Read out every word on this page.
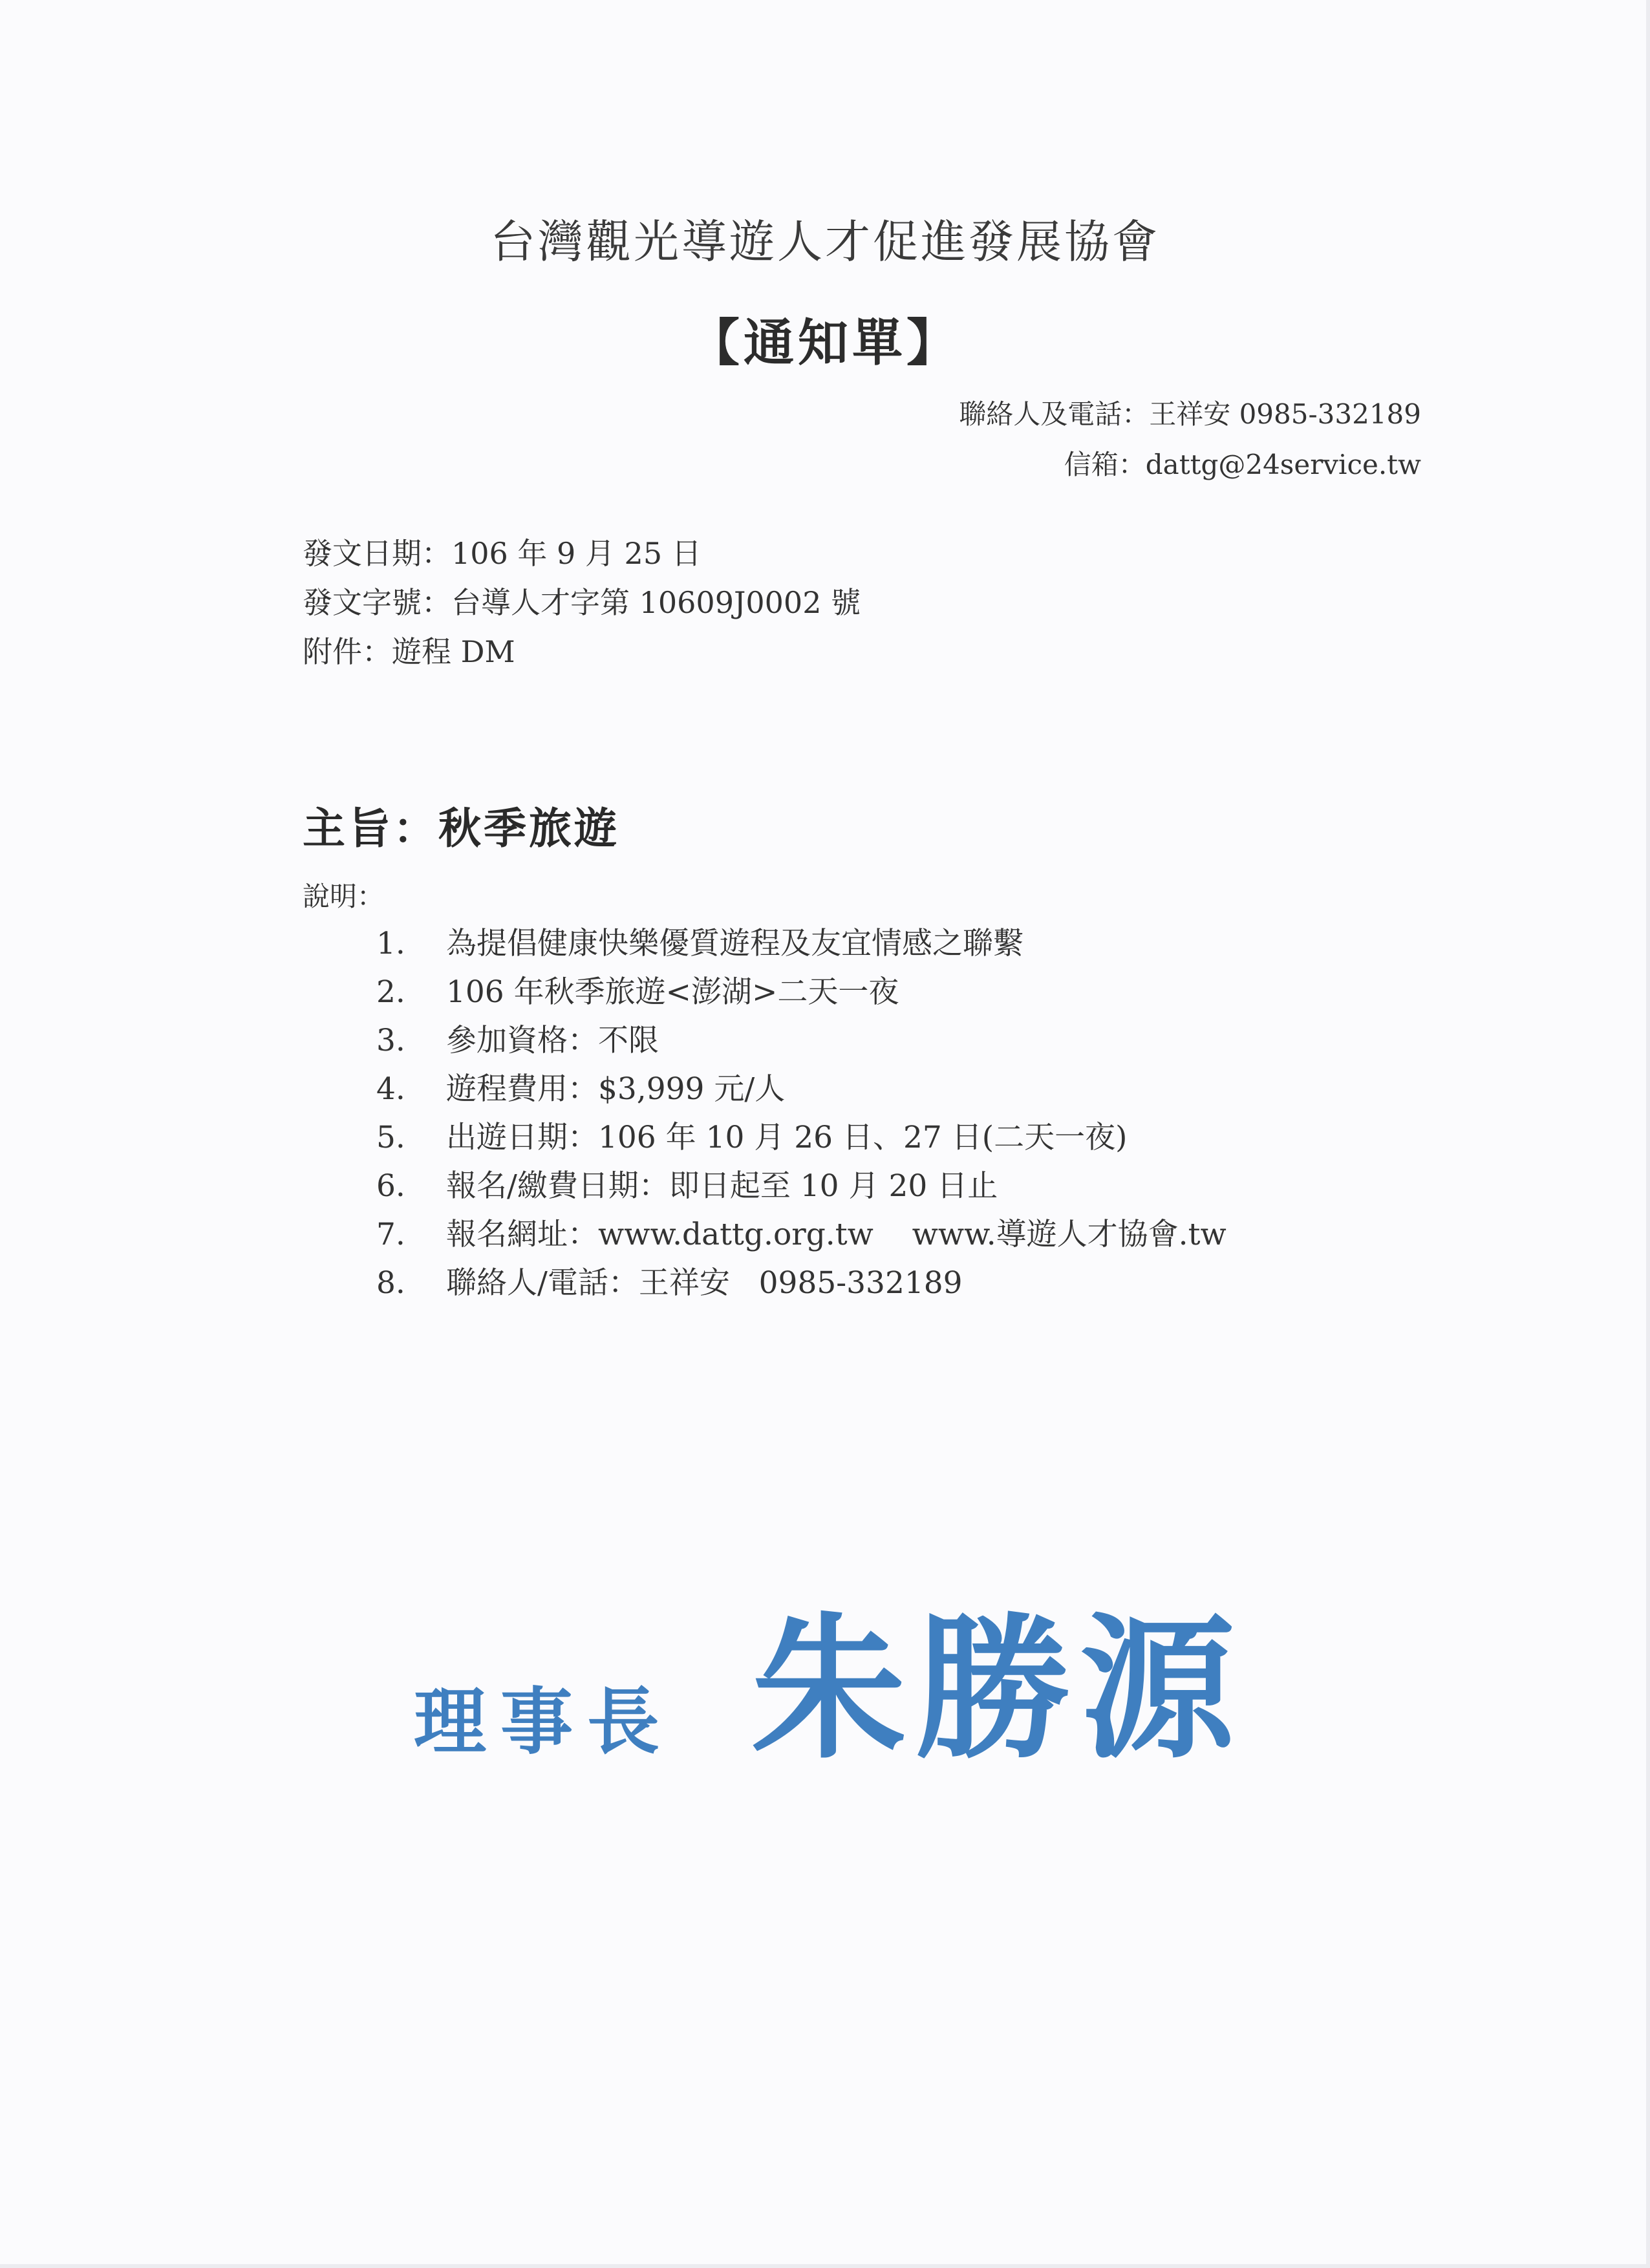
台灣觀光導遊人才促進發展協會
【通知單】
聯絡人及電話：王祥安 0985-332189
信箱：dattg@24service.tw
發文日期：106 年 9 月 25 日
發文字號：台導人才字第 10609J0002 號
附件：遊程 DM
主旨：秋季旅遊
說明：
1.	為提倡健康快樂優質遊程及友宜情感之聯繫
2.	106 年秋季旅遊<澎湖>二天一夜
3.	參加資格：不限
4.	遊程費用：$3,999 元/人
5.	出遊日期：106 年 10 月 26 日、27 日(二天一夜)
6.	報名/繳費日期：即日起至 10 月 20 日止
7.	報名網址：www.dattg.org.tw    www.導遊人才協會.tw
8.	聯絡人/電話：王祥安   0985-332189
理事長 朱勝源
